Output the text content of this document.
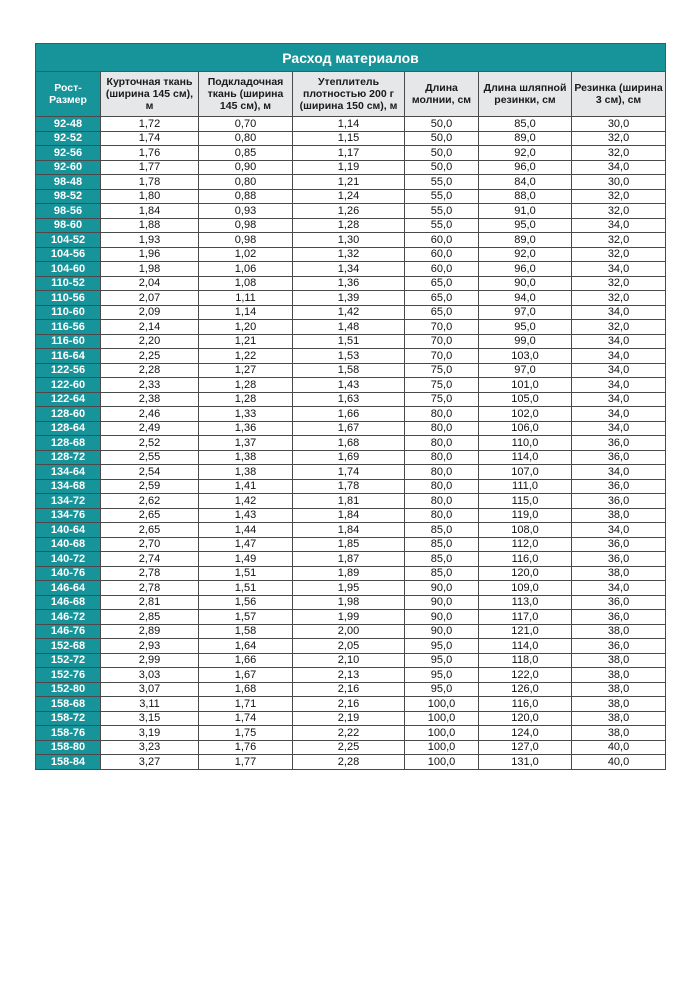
Расход материалов						
Рост-Размер	Курточная ткань (ширина 145 см), м	Подкладочная ткань (ширина 145 см), м	Утеплитель плотностью 200 г (ширина 150 см), м	Длина молнии, см	Длина шляпной резинки, см	Резинка (ширина 3 см), см
92-48	1,72	0,70	1,14	50,0	85,0	30,0
92-52	1,74	0,80	1,15	50,0	89,0	32,0
92-56	1,76	0,85	1,17	50,0	92,0	32,0
92-60	1,77	0,90	1,19	50,0	96,0	34,0
98-48	1,78	0,80	1,21	55,0	84,0	30,0
98-52	1,80	0,88	1,24	55,0	88,0	32,0
98-56	1,84	0,93	1,26	55,0	91,0	32,0
98-60	1,88	0,98	1,28	55,0	95,0	34,0
104-52	1,93	0,98	1,30	60,0	89,0	32,0
104-56	1,96	1,02	1,32	60,0	92,0	32,0
104-60	1,98	1,06	1,34	60,0	96,0	34,0
110-52	2,04	1,08	1,36	65,0	90,0	32,0
110-56	2,07	1,11	1,39	65,0	94,0	32,0
110-60	2,09	1,14	1,42	65,0	97,0	34,0
116-56	2,14	1,20	1,48	70,0	95,0	32,0
116-60	2,20	1,21	1,51	70,0	99,0	34,0
116-64	2,25	1,22	1,53	70,0	103,0	34,0
122-56	2,28	1,27	1,58	75,0	97,0	34,0
122-60	2,33	1,28	1,43	75,0	101,0	34,0
122-64	2,38	1,28	1,63	75,0	105,0	34,0
128-60	2,46	1,33	1,66	80,0	102,0	34,0
128-64	2,49	1,36	1,67	80,0	106,0	34,0
128-68	2,52	1,37	1,68	80,0	110,0	36,0
128-72	2,55	1,38	1,69	80,0	114,0	36,0
134-64	2,54	1,38	1,74	80,0	107,0	34,0
134-68	2,59	1,41	1,78	80,0	111,0	36,0
134-72	2,62	1,42	1,81	80,0	115,0	36,0
134-76	2,65	1,43	1,84	80,0	119,0	38,0
140-64	2,65	1,44	1,84	85,0	108,0	34,0
140-68	2,70	1,47	1,85	85,0	112,0	36,0
140-72	2,74	1,49	1,87	85,0	116,0	36,0
140-76	2,78	1,51	1,89	85,0	120,0	38,0
146-64	2,78	1,51	1,95	90,0	109,0	34,0
146-68	2,81	1,56	1,98	90,0	113,0	36,0
146-72	2,85	1,57	1,99	90,0	117,0	36,0
146-76	2,89	1,58	2,00	90,0	121,0	38,0
152-68	2,93	1,64	2,05	95,0	114,0	36,0
152-72	2,99	1,66	2,10	95,0	118,0	38,0
152-76	3,03	1,67	2,13	95,0	122,0	38,0
152-80	3,07	1,68	2,16	95,0	126,0	38,0
158-68	3,11	1,71	2,16	100,0	116,0	38,0
158-72	3,15	1,74	2,19	100,0	120,0	38,0
158-76	3,19	1,75	2,22	100,0	124,0	38,0
158-80	3,23	1,76	2,25	100,0	127,0	40,0
158-84	3,27	1,77	2,28	100,0	131,0	40,0
